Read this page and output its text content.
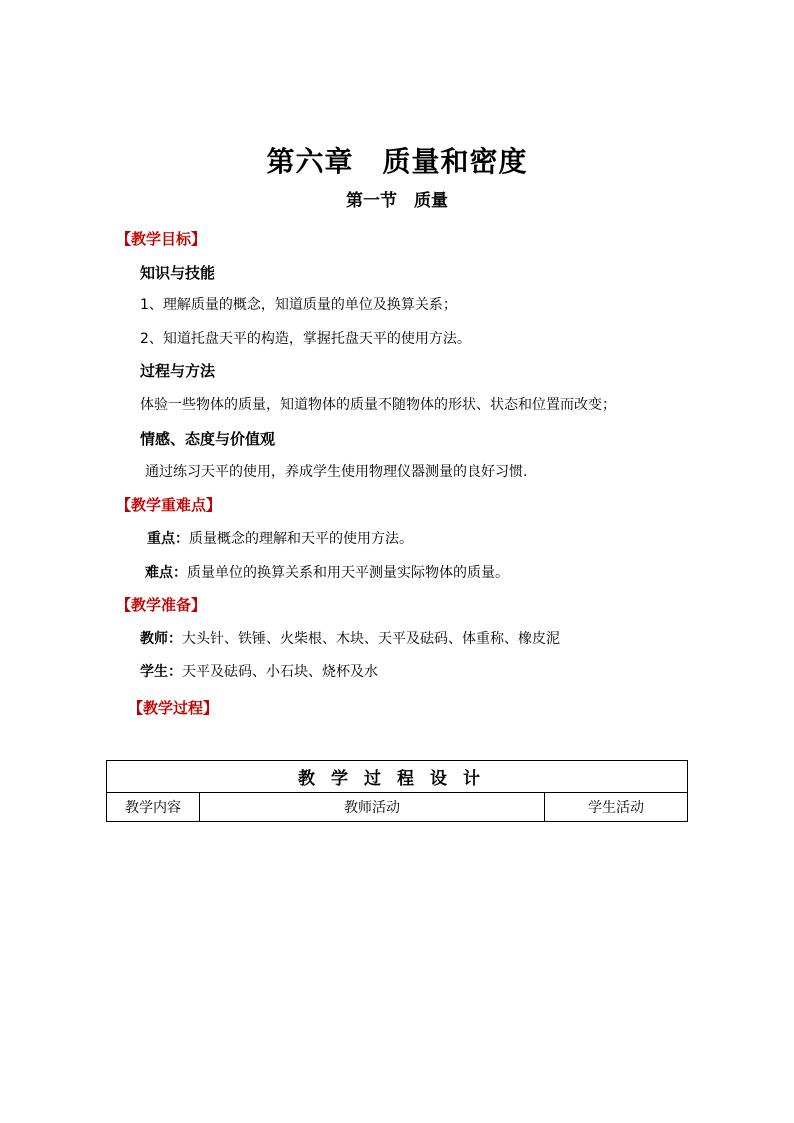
第六章　质量和密度
第一节　质量
【教学目标】
知识与技能
1、理解质量的概念，知道质量的单位及换算关系；
2、知道托盘天平的构造，掌握托盘天平的使用方法。
过程与方法
体验一些物体的质量，知道物体的质量不随物体的形状、状态和位置而改变；
情感、态度与价值观
通过练习天平的使用，养成学生使用物理仪器测量的良好习惯.
【教学重难点】
重点：质量概念的理解和天平的使用方法。
难点：质量单位的换算关系和用天平测量实际物体的质量。
【教学准备】
教师：大头针、铁锤、火柴根、木块、天平及砝码、体重称、橡皮泥
学生：天平及砝码、小石块、烧杯及水
【教学过程】
教学过程设计
教学内容	教师活动	学生活动
